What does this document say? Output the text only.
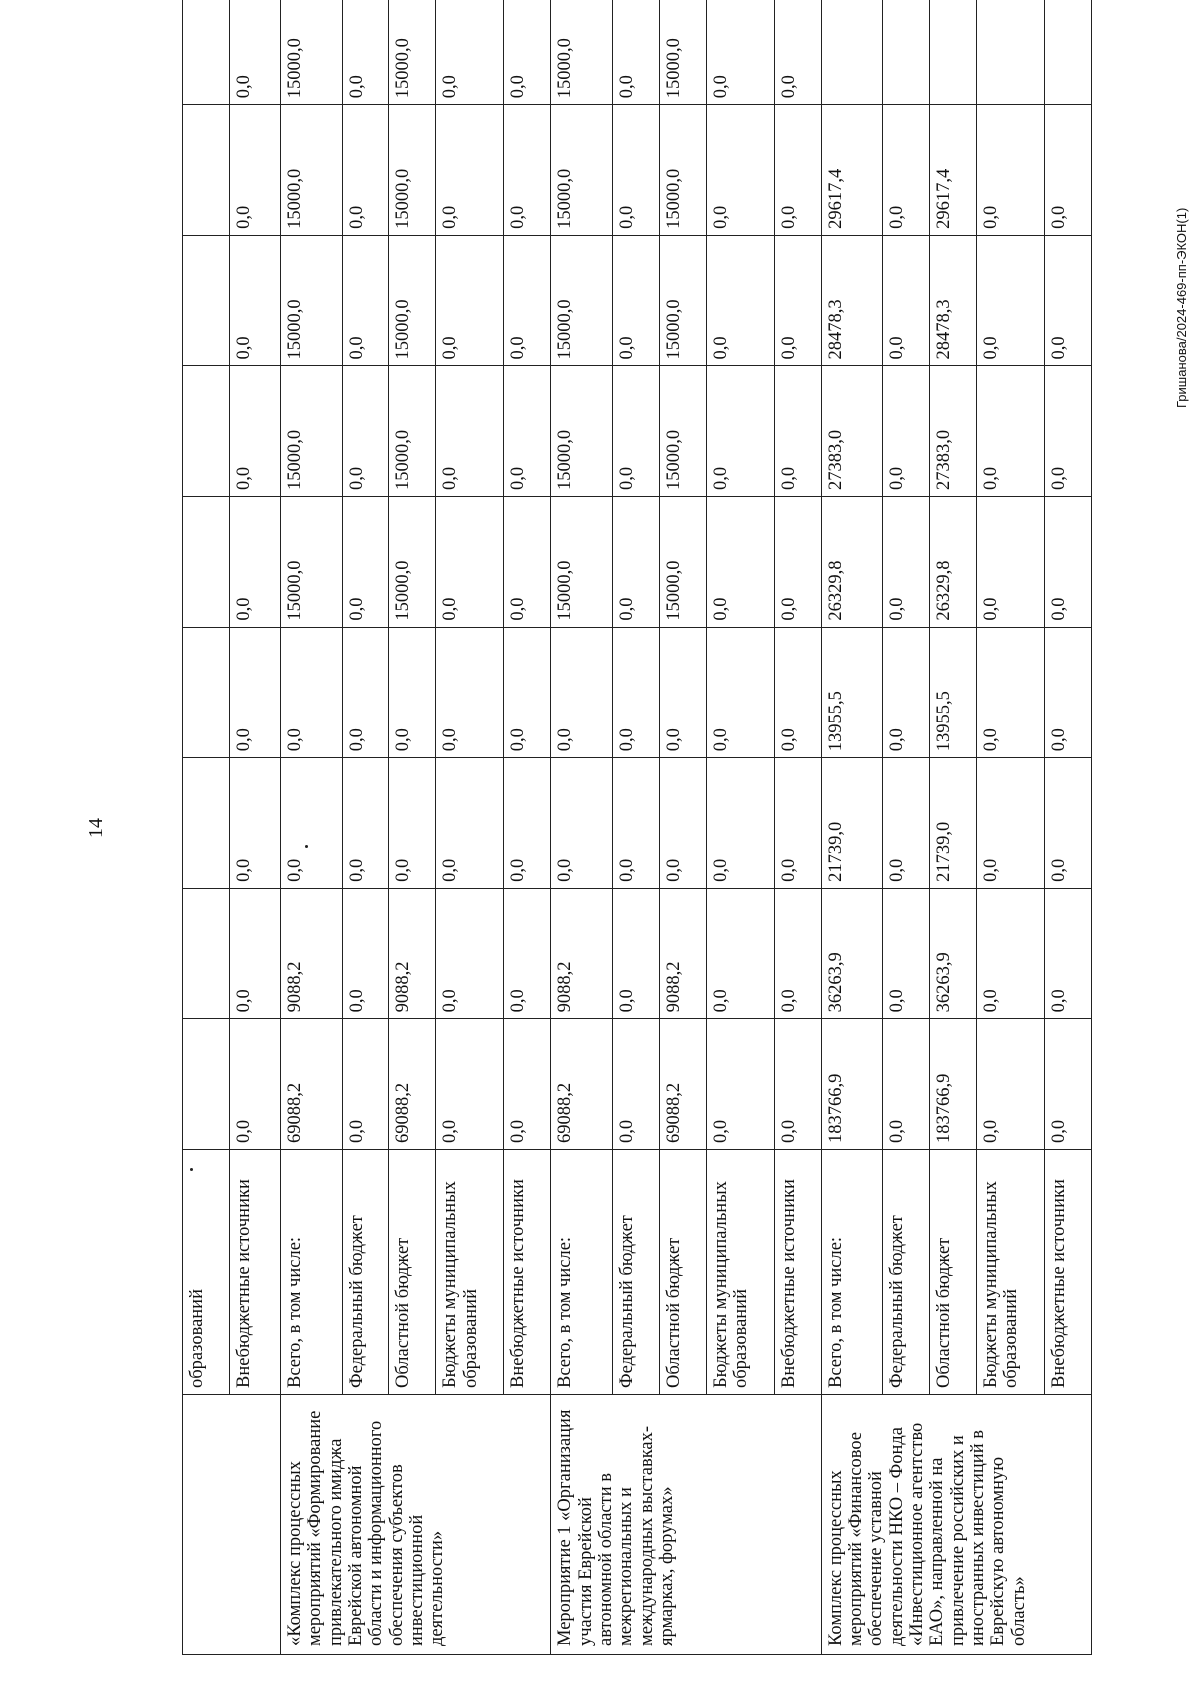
14
	образований									
	Внебюджетные источники	0,0	0,0	0,0	0,0	0,0	0,0	0,0	0,0	0,0
«Комплекс процессных мероприятий «Формирование привлекательного имиджа Еврейской автономной области и информационного обеспечения субъектов инвестиционной деятельности»	Всего, в том числе:	69088,2	9088,2	0,0	0,0	15000,0	15000,0	15000,0	15000,0	15000,0
	Федеральный бюджет	0,0	0,0	0,0	0,0	0,0	0,0	0,0	0,0	0,0
	Областной бюджет	69088,2	9088,2	0,0	0,0	15000,0	15000,0	15000,0	15000,0	15000,0
	Бюджеты муниципальных образований	0,0	0,0	0,0	0,0	0,0	0,0	0,0	0,0	0,0
	Внебюджетные источники	0,0	0,0	0,0	0,0	0,0	0,0	0,0	0,0	0,0
Мероприятие 1 «Организация участия Еврейской автономной области в межрегиональных и международных выставках-ярмарках, форумах»	Всего, в том числе:	69088,2	9088,2	0,0	0,0	15000,0	15000,0	15000,0	15000,0	15000,0
	Федеральный бюджет	0,0	0,0	0,0	0,0	0,0	0,0	0,0	0,0	0,0
	Областной бюджет	69088,2	9088,2	0,0	0,0	15000,0	15000,0	15000,0	15000,0	15000,0
	Бюджеты муниципальных образований	0,0	0,0	0,0	0,0	0,0	0,0	0,0	0,0	0,0
	Внебюджетные источники	0,0	0,0	0,0	0,0	0,0	0,0	0,0	0,0	0,0
Комплекс процессных мероприятий «Финансовое обеспечение уставной деятельности НКО – Фонда «Инвестиционное агентство ЕАО», направленной на привлечение российских и иностранных инвестиций в Еврейскую автономную область»	Всего, в том числе:	183766,9	36263,9	21739,0	13955,5	26329,8	27383,0	28478,3	29617,4	
	Федеральный бюджет	0,0	0,0	0,0	0,0	0,0	0,0	0,0	0,0	
	Областной бюджет	183766,9	36263,9	21739,0	13955,5	26329,8	27383,0	28478,3	29617,4	
	Бюджеты муниципальных образований	0,0	0,0	0,0	0,0	0,0	0,0	0,0	0,0	
	Внебюджетные источники	0,0	0,0	0,0	0,0	0,0	0,0	0,0	0,0		Гришанова/2024-469-пп-ЭКОН(1)
